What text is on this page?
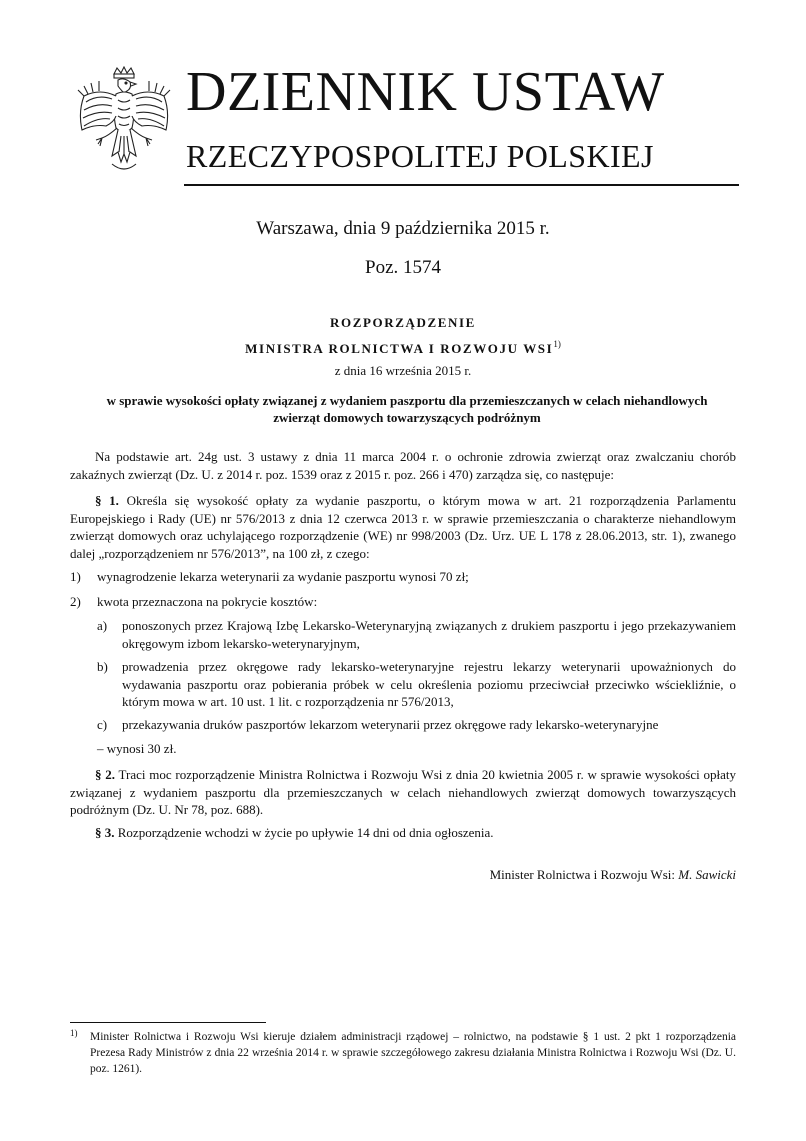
DZIENNIK USTAW
RZECZYPOSPOLITEJ POLSKIEJ
Warszawa, dnia 9 października 2015 r.
Poz. 1574
ROZPORZĄDZENIE
MINISTRA ROLNICTWA I ROZWOJU WSI$^{1)}$
z dnia 16 września 2015 r.
w sprawie wysokości opłaty związanej z wydaniem paszportu dla przemieszczanych w celach niehandlowych zwierząt domowych towarzyszących podróżnym
Na podstawie art. 24g ust. 3 ustawy z dnia 11 marca 2004 r. o ochronie zdrowia zwierząt oraz zwalczaniu chorób zakaźnych zwierząt (Dz. U. z 2014 r. poz. 1539 oraz z 2015 r. poz. 266 i 470) zarządza się, co następuje:
§ 1. Określa się wysokość opłaty za wydanie paszportu, o którym mowa w art. 21 rozporządzenia Parlamentu Europejskiego i Rady (UE) nr 576/2013 z dnia 12 czerwca 2013 r. w sprawie przemieszczania o charakterze niehandlowym zwierząt domowych oraz uchylającego rozporządzenie (WE) nr 998/2003 (Dz. Urz. UE L 178 z 28.06.2013, str. 1), zwanego dalej „rozporządzeniem nr 576/2013”, na 100 zł, z czego:
1) wynagrodzenie lekarza weterynarii za wydanie paszportu wynosi 70 zł;
2) kwota przeznaczona na pokrycie kosztów:
a) ponoszonych przez Krajową Izbę Lekarsko-Weterynaryjną związanych z drukiem paszportu i jego przekazywaniem okręgowym izbom lekarsko-weterynaryjnym,
b) prowadzenia przez okręgowe rady lekarsko-weterynaryjne rejestru lekarzy weterynarii upoważnionych do wydawania paszportu oraz pobierania próbek w celu określenia poziomu przeciwciał przeciwko wściekliźnie, o którym mowa w art. 10 ust. 1 lit. c rozporządzenia nr 576/2013,
c) przekazywania druków paszportów lekarzom weterynarii przez okręgowe rady lekarsko-weterynaryjne
– wynosi 30 zł.
§ 2. Traci moc rozporządzenie Ministra Rolnictwa i Rozwoju Wsi z dnia 20 kwietnia 2005 r. w sprawie wysokości opłaty związanej z wydaniem paszportu dla przemieszczanych w celach niehandlowych zwierząt domowych towarzyszących podróżnym (Dz. U. Nr 78, poz. 688).
§ 3. Rozporządzenie wchodzi w życie po upływie 14 dni od dnia ogłoszenia.
Minister Rolnictwa i Rozwoju Wsi: M. Sawicki
1) Minister Rolnictwa i Rozwoju Wsi kieruje działem administracji rządowej – rolnictwo, na podstawie § 1 ust. 2 pkt 1 rozporządzenia Prezesa Rady Ministrów z dnia 22 września 2014 r. w sprawie szczegółowego zakresu działania Ministra Rolnictwa i Rozwoju Wsi (Dz. U. poz. 1261).
